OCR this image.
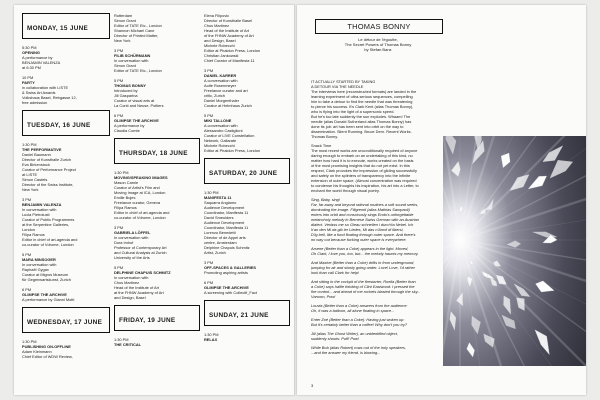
MONDAY, 15 JUNE
5:30 PM
OPENING
A performance by
BENJAMIN VALENZA
at 6:30 PM
10 PM
PARTY
in collaboration with LISTE
& Swiss Art Awards
Volkshaus Basel, Rebgasse 12,
free admission
TUESDAY, 16 JUNE
1:30 PM
THE PERFORMATIVE
Daniel Baumann
Director of Kunsthalle Zurich
Eva Birkenstock
Curator of Performance Project
at LISTE
Simon Castets
Director of the Swiss Institute,
New York
3 PM
BENJAMIN VALENZA
In conversation with
Lucia Pietroiusti
Curator of Public Programmes
at the Serpentine Galleries,
London
Filipa Ramos
Editor in chief of art-agenda and
co-curator of Vdrome, London
5 PM
MARA MINSOGER
In conversation with
Raphaël Gygax
Curator at Migros Museum
für Gegenwartskunst, Zurich
6 PM
GLIMPSE THE ARCHIVE
A performance by Gianni Motti
WEDNESDAY, 17 JUNE
1:30 PM
PUBLISHING ON-OFFLINE
Adam Kleinmann
Chief Editor of WDW Review,
Rotterdam
Simon Grant
Editor of TATE Etc., London
Shannon Michael Cane
Director of Printed Matter,
New York
3 PM
FILIB SCHÜRMANN
In conversation with
Simon Grant
Editor of TATE Etc., London
5 PM
THOMAS BONNY
Introduced by
Jill Gasparina
Curator of visual arts at
La Conti and Neuse, Poitiers
6 PM
GLIMPSE THE ARCHIVE
A performance by
Claudia Comte
THURSDAY, 18 JUNE
1:30 PM
MOVING/SPEAKING IMAGES
Mason Carnie
Curator of Artist's Film and
Moving Image at ICA, London
Emilie Bujes
Freelance curator, Geneva
Filipa Ramos
Editor in chief of art-agenda and
co-curator of Vdrome, London
3 PM
GABRIELA LÖFFEL
In conversation with
Dora Imhof
Professor of Contemporary Art
and Cultural Analysis at Zurich
University of the Arts
5 PM
DELPHINE CHAPUIS SCHMITZ
In conversation with
Chus Martinez
Head of the Institute of Art
at the FHNW Academy of Art
and Design, Basel
FRIDAY, 19 JUNE
1:30 PM
THE CRITICAL
Elena Filipovic
Director of Kunsthalle Basel
Chus Martinez
Head of the Institute of Art
of the FHNW Academy of Art
and Design, Basel
Michele Robecchi
Editor at Phaidon Press, London
Christian Jankowski
Chief Curator of Manifesta 11
3 PM
DANIEL KARRER
A conversation with
Aoife Rosenmeyer
Freelance curator and art
critic, Zurich
Daniel Morgenthaler
Curator at Helmhaus Zurich
5 PM
MIKI TALLONE
A conversation with
Alessandro Castiglioni
Curator of LIVE Constellation
Network, Gallarate
Michele Robecchi
Editor at Phaidon Press, London
SATURDAY, 20 JUNE
1:30 PM
MANIFESTA 11
Saquarra Angiamo
Audience Development
Coordinator, Manifesta 11
David Smeulders
Audience Development
Coordinator, Manifesta 11
Lorenzo Benedetti
Director of de Appel arts
centre, Amsterdam
Delphine Chapuis Schmitz
Artist, Zurich
3 PM
OFF-SPACES & GALLERIES
Promoting aspiring artists
6 PM
GLIMPSE THE ARCHIVE
A screening with Collectif_Fact
SUNDAY, 21 JUNE
1:30 PM
RELAX
THOMAS BONNY
Le détour de l'égoutte,
The Secret Powers of Thomas Bonny
by Stefan Banz
IT ACTUALLY STARTED BY TAKING
A DETOUR VIA THE NEEDLE
The interviews here (reconstructed formats) are landed in the
learning experiment of ultra-serious sequences, compelling
him to take a detour to find the needle that was threatening
to pierce his success. It's Clark Kent (alias Thomas Bonny),
who is flying into the light of a supersonic speed.
But he's too late suddenly the sun explodes. Whaam! The
needle (alias Donald Sutherland alias Thomas Bonny) has
done its job: art has been sent into orbit on the way to
dissemination. Silent Running. Bruce Dern. Recent Works.
Thomas Bonny.
Snack Time
The most recent works are unconditionally required of anyone
daring enough to embark on an undertaking of this kind, no
matter how hard it is to execute, works created on the basis
of the most promising insights that do not yet exist. In this
respect, Clark provokes the impression of gliding successfully
and safely on the splinters of transparency into the infinite
extension of outer space. (Almost concentration was required
to condense his thoughts his inspiration, his art into a Letter, to
enchant the world through visual poetry.
Sing, Baby, sing!
Far, far away and beyond rational routines a soft sound seeks,
dominating the image. Filigremti (alias Mathias Sampaoli)
enters into orbit and consciously sings Endo's unforgettable
melancholy melody in Bernese Swiss German with an Austrian
dialect. Verlass me so Gieau schnellen i durch'ta Nebel. Ich
h'an den Mi da gib ier Liedes, Mi das n'Armli di libersi,
D'ig bell, like a fund floating through outer space. And there's
no way out because fucking outer space is everywhere.
Arsene (Better than a Coke) appears in the light. Moved,
Oh Clark, I love you, too, but... the melody haunts my memory.
And Maxine (Better than a Coke) drifts in from underground,
jumping for air and slowly going under. Love! Love, I'd rather
look than call Clark for help!
And sitting in the cockpit of the firestarter, Roella (Better than
a Coke) says halfie thinking of Clint Eastwood: I pressed the
fire control... and ahead of me rockets blasted through the sky...
Varoom, Pow!
Louvia (Better than a Coke) answers from the audience:
Oh, it was a balloon, all alone floating in space...
Enter Zoé (Better than a Coke): Having just woken up:
But it's certainly better than a coffee! Why don't you try?
Jill (alias The Ghost Writer), an unidentified object,
suddenly shouts: Puff! Pow!
While Bob (alias Robert) rows out of the holy speakers,
...and the answer my friend, is blowing...
3
